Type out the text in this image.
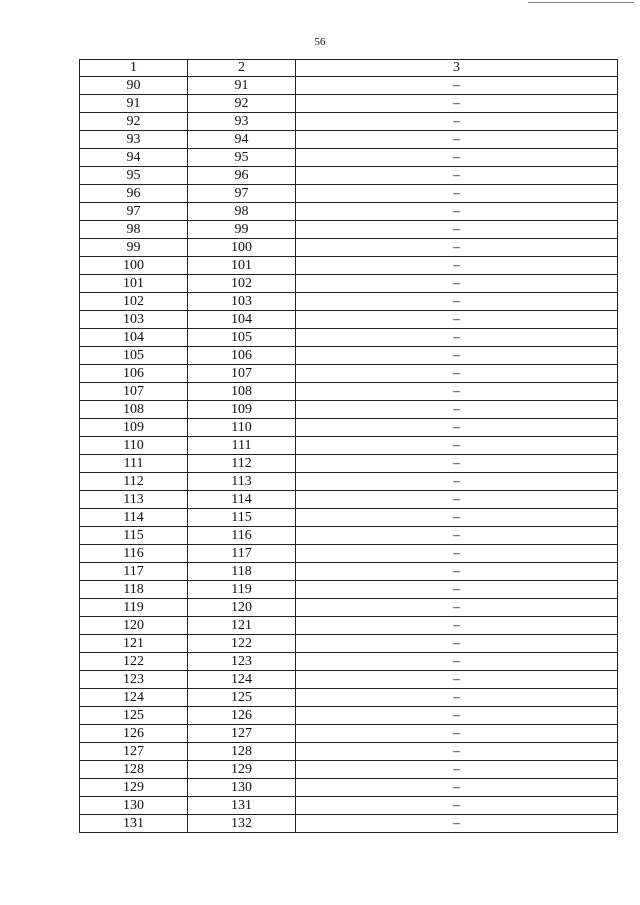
56
1	2	3
90	91	–
91	92	–
92	93	–
93	94	–
94	95	–
95	96	–
96	97	–
97	98	–
98	99	–
99	100	–
100	101	–
101	102	–
102	103	–
103	104	–
104	105	–
105	106	–
106	107	–
107	108	–
108	109	–
109	110	–
110	111	–
111	112	–
112	113	–
113	114	–
114	115	–
115	116	–
116	117	–
117	118	–
118	119	–
119	120	–
120	121	–
121	122	–
122	123	–
123	124	–
124	125	–
125	126	–
126	127	–
127	128	–
128	129	–
129	130	–
130	131	–
131	132	–
